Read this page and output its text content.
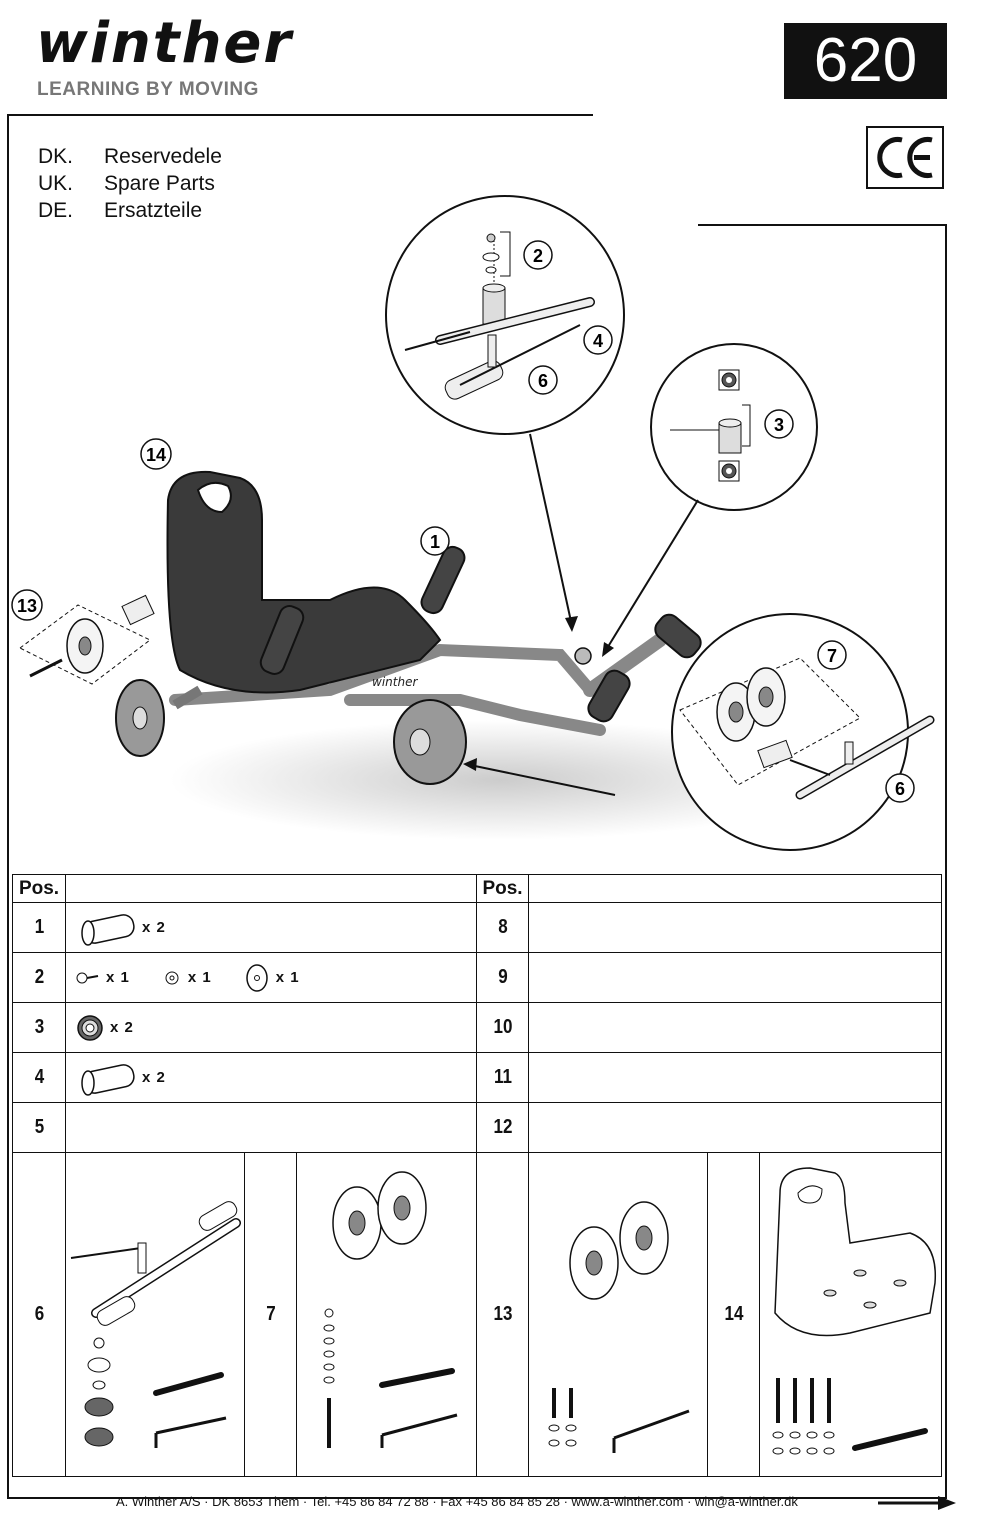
winther
LEARNING BY MOVING	620
DK.	Reservedele
UK.	Spare Parts
DE.	Ersatzteile
winther
1
2
3
4
6
7
6
13
14
Pos.				Pos.			
1	x 2			8			
2	x 1 x 1 x 1			9			
3	x 2			10			
4	x 2			11			
5				12			
6		7		13		14	
A. Winther A/S · DK 8653 Them · Tel. +45 86 84 72 88 · Fax +45 86 84 85 28 · www.a-winther.com · win@a-winther.dk
